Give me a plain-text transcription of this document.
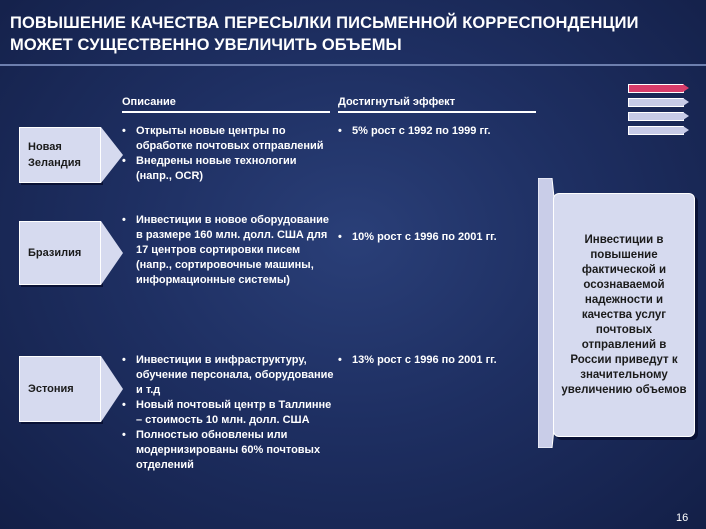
ПОВЫШЕНИЕ КАЧЕСТВА ПЕРЕСЫЛКИ ПИСЬМЕННОЙ КОРРЕСПОНДЕНЦИИ МОЖЕТ СУЩЕСТВЕННО УВЕЛИЧИТЬ ОБЪЕМЫ
Описание	Достигнутый эффект
Новая Зеландия
• Открыты новые центры по обработке почтовых отправлений
• Внедрены новые технологии (напр., OCR)
• 5% рост с 1992 по 1999 гг.
Бразилия
• Инвестиции в новое оборудование в размере 160 млн. долл. США для 17 центров сортировки писем (напр., сортировочные машины, информационные системы)
• 10% рост с 1996 по 2001 гг.
Эстония
• Инвестиции в инфраструктуру, обучение персонала, оборудование и т.д
• Новый почтовый центр в Таллинне – стоимость 10 млн. долл. США
• Полностью обновлены или модернизированы 60% почтовых отделений
• 13% рост с 1996 по 2001 гг.
Инвестиции в повышение фактической и осознаваемой надежности и качества услуг почтовых отправлений в России приведут к значительному увеличению объемов
16
